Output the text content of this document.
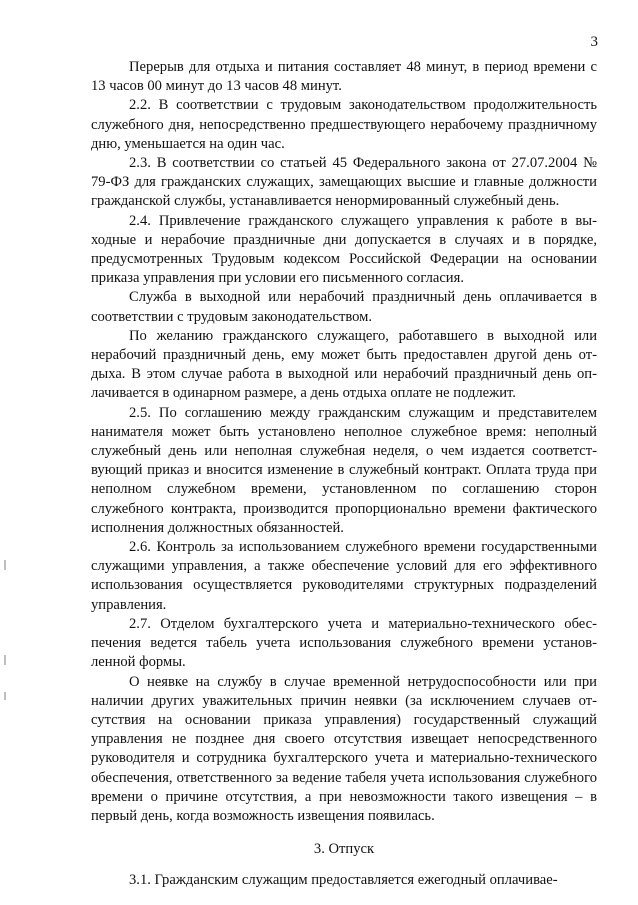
3

Перерыв для отдыха и питания составляет 48 минут, в период времени с 13 часов 00 минут до 13 часов 48 минут.

2.2. В соответствии с трудовым законодательством продолжительность служебного дня, непосредственно предшествующего нерабочему праздничному дню, уменьшается на один час.

2.3. В соответствии со статьей 45 Федерального закона от 27.07.2004 № 79-ФЗ для гражданских служащих, замещающих высшие и главные должности гражданской службы, устанавливается ненормированный служебный день.

2.4. Привлечение гражданского служащего управления к работе в выходные и нерабочие праздничные дни допускается в случаях и в порядке, предусмотренных Трудовым кодексом Российской Федерации на основании приказа управления при условии его письменного согласия.

Служба в выходной или нерабочий праздничный день оплачивается в соответствии с трудовым законодательством.

По желанию гражданского служащего, работавшего в выходной или нерабочий праздничный день, ему может быть предоставлен другой день отдыха. В этом случае работа в выходной или нерабочий праздничный день оплачивается в одинарном размере, а день отдыха оплате не подлежит.

2.5. По соглашению между гражданским служащим и представителем нанимателя может быть установлено неполное служебное время: неполный служебный день или неполная служебная неделя, о чем издается соответствующий приказ и вносится изменение в служебный контракт. Оплата труда при неполном служебном времени, установленном по соглашению сторон служебного контракта, производится пропорционально времени фактического исполнения должностных обязанностей.

2.6. Контроль за использованием служебного времени государственными служащими управления, а также обеспечение условий для его эффективного использования осуществляется руководителями структурных подразделений управления.

2.7. Отделом бухгалтерского учета и материально-технического обеспечения ведется табель учета использования служебного времени установленной формы.

О неявке на службу в случае временной нетрудоспособности или при наличии других уважительных причин неявки (за исключением случаев отсутствия на основании приказа управления) государственный служащий управления не позднее дня своего отсутствия извещает непосредственного руководителя и сотрудника бухгалтерского учета и материально-технического обеспечения, ответственного за ведение табеля учета использования служебного времени о причине отсутствия, а при невозможности такого извещения – в первый день, когда возможность извещения появилась.

3. Отпуск

3.1. Гражданским служащим предоставляется ежегодный оплачивае-
